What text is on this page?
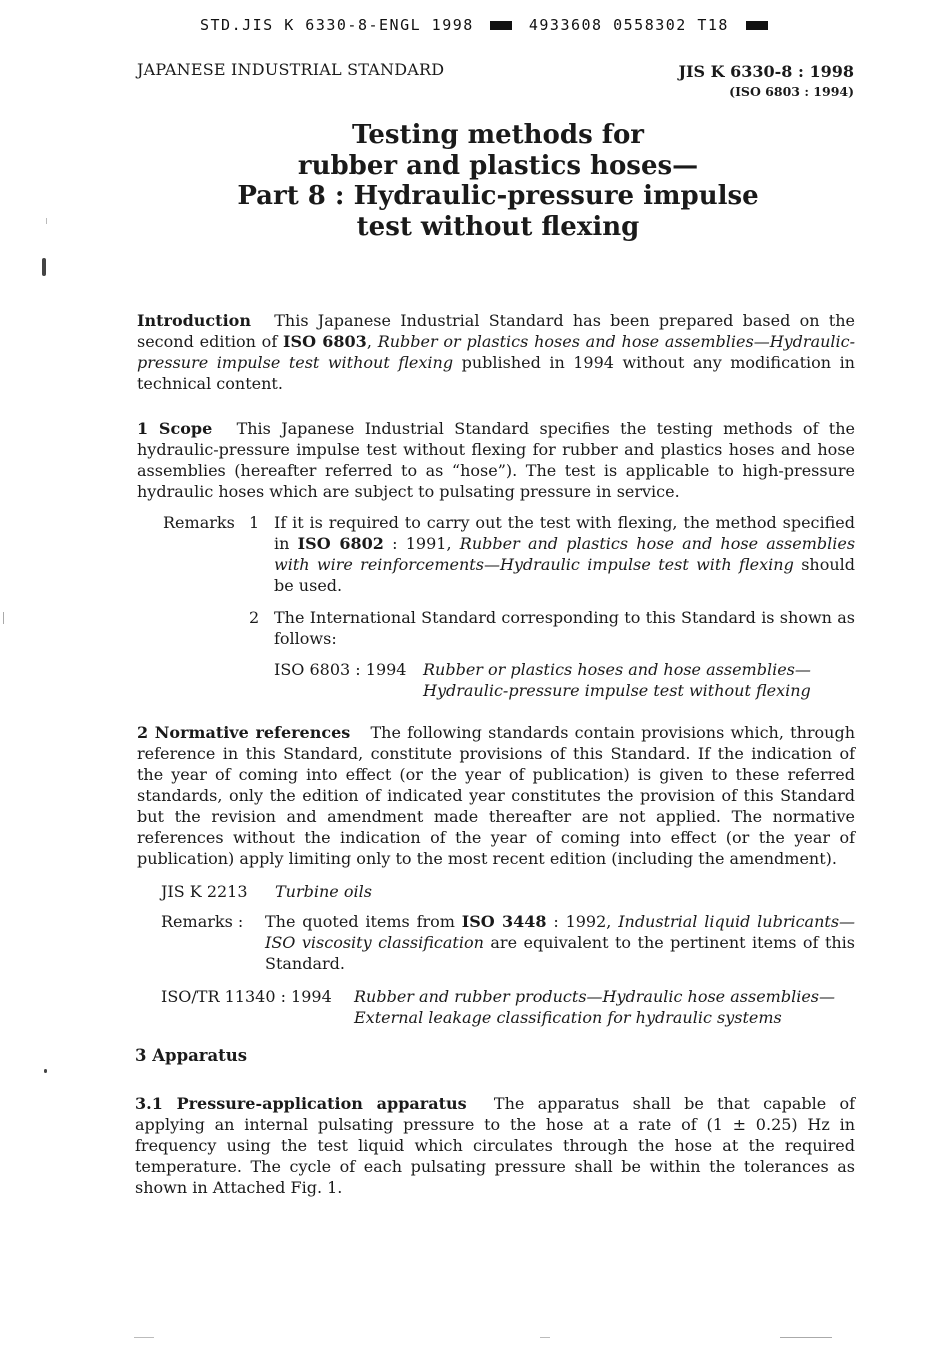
STD.JIS K 6330-8-ENGL 1998	4933608 0558302 T18
JAPANESE INDUSTRIAL STANDARD	JIS K 6330-8 : 1998
(ISO 6803 : 1994)
Testing methods for
rubber and plastics hoses—
Part 8 : Hydraulic-pressure impulse
test without flexing
Introduction This Japanese Industrial Standard has been prepared based on the second edition of ISO 6803, Rubber or plastics hoses and hose assemblies—Hydraulic-pressure impulse test without flexing published in 1994 without any modification in technical content.
1 Scope This Japanese Industrial Standard specifies the testing methods of the hydraulic-pressure impulse test without flexing for rubber and plastics hoses and hose assemblies (hereafter referred to as “hose”). The test is applicable to high-pressure hydraulic hoses which are subject to pulsating pressure in service.
Remarks 1 If it is required to carry out the test with flexing, the method specified in ISO 6802 : 1991, Rubber and plastics hose and hose assemblies with wire reinforcements—Hydraulic impulse test with flexing should be used.
2 The International Standard corresponding to this Standard is shown as follows:
ISO 6803 : 1994	Rubber or plastics hoses and hose assemblies—Hydraulic-pressure impulse test without flexing
2 Normative references The following standards contain provisions which, through reference in this Standard, constitute provisions of this Standard. If the indication of the year of coming into effect (or the year of publication) is given to these referred standards, only the edition of indicated year constitutes the provision of this Standard but the revision and amendment made thereafter are not applied. The normative references without the indication of the year of coming into effect (or the year of publication) apply limiting only to the most recent edition (including the amendment).
JIS K 2213	Turbine oils
Remarks :	The quoted items from ISO 3448 : 1992, Industrial liquid lubricants—ISO viscosity classification are equivalent to the pertinent items of this Standard.
ISO/TR 11340 : 1994	Rubber and rubber products—Hydraulic hose assemblies—External leakage classification for hydraulic systems
3 Apparatus
3.1 Pressure-application apparatus The apparatus shall be that capable of applying an internal pulsating pressure to the hose at a rate of (1 ± 0.25) Hz in frequency using the test liquid which circulates through the hose at the required temperature. The cycle of each pulsating pressure shall be within the tolerances as shown in Attached Fig. 1.
